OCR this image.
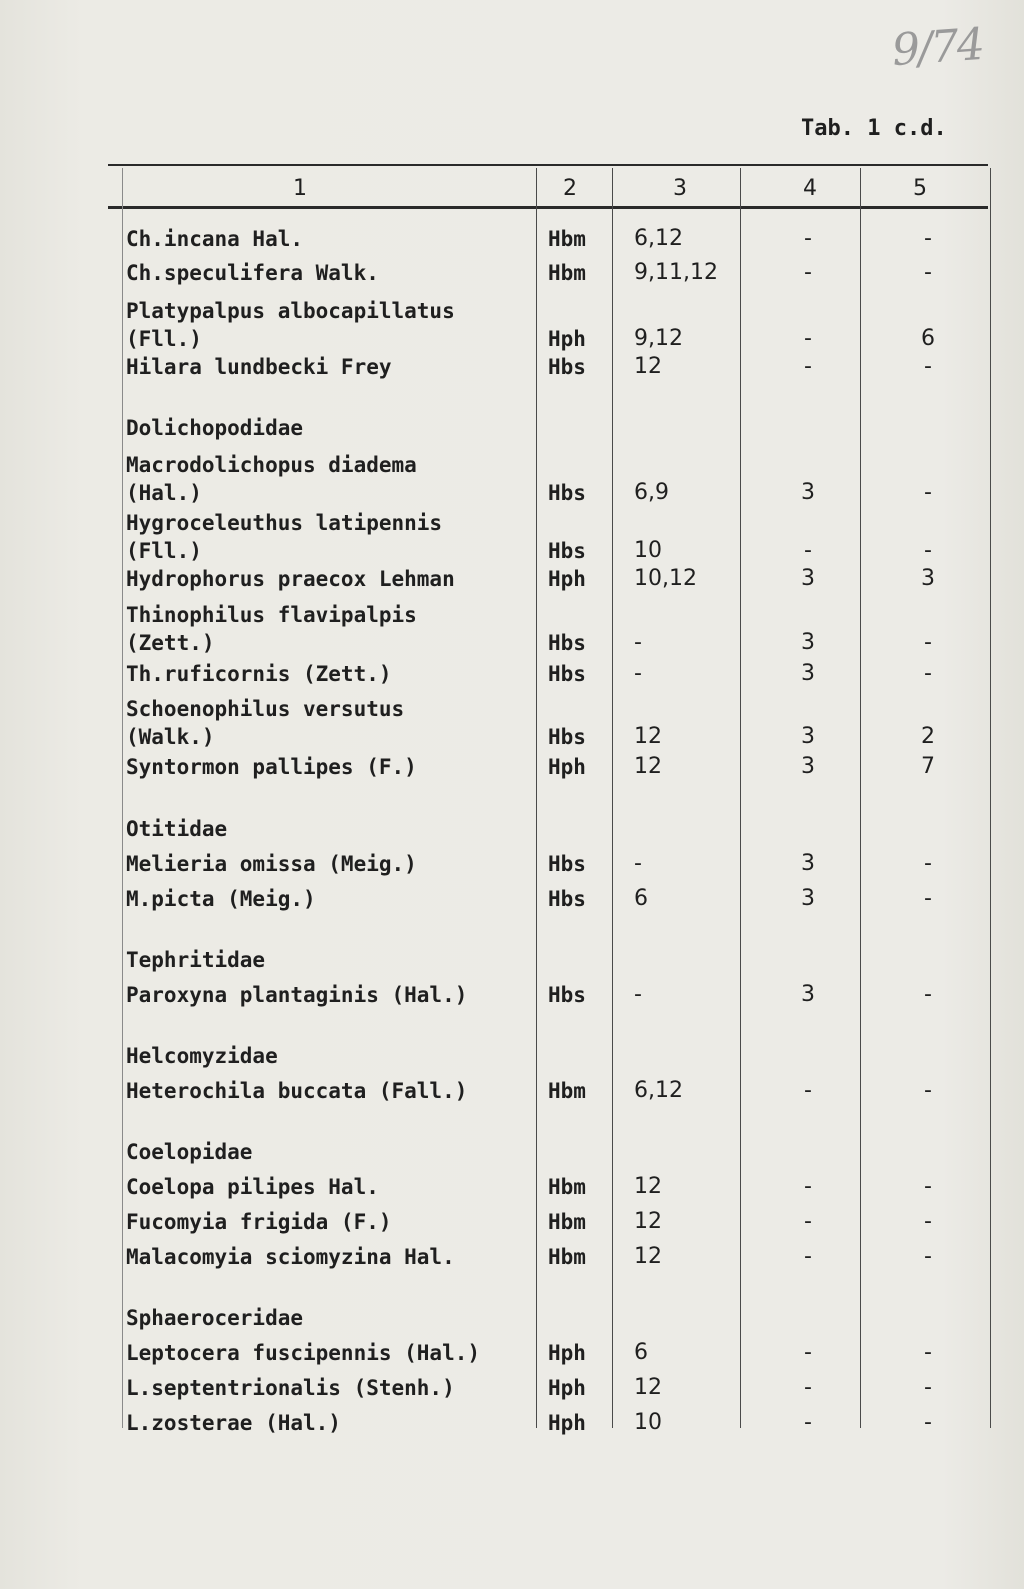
9/74
Tab. 1 c.d.
1	2	3	4	5
Ch.incana Hal.	Hbm 6,12	-	-
Ch.speculifera Walk.	Hbm 9,11,12	-	-
Platypalpus albocapillatus
(Fll.)	Hph 9,12	-	6
Hilara lundbecki Frey	Hbs 12	-	-
Dolichopodidae
Macrodolichopus diadema
(Hal.)	Hbs 6,9	3	-
Hygroceleuthus latipennis
(Fll.)	Hbs 10	-	-
Hydrophorus praecox Lehman	Hph 10,12	3	3
Thinophilus flavipalpis
(Zett.)	Hbs -	3	-
Th.ruficornis (Zett.)	Hbs -	3	-
Schoenophilus versutus
(Walk.)	Hbs 12	3	2
Syntormon pallipes (F.)	Hph 12	3	7
Otitidae
Melieria omissa (Meig.)	Hbs -	3	-
M.picta (Meig.)	Hbs 6	3	-
Tephritidae
Paroxyna plantaginis (Hal.)	Hbs -	3	-
Helcomyzidae
Heterochila buccata (Fall.)	Hbm 6,12	-	-
Coelopidae
Coelopa pilipes Hal.	Hbm 12	-	-
Fucomyia frigida (F.)	Hbm 12	-	-
Malacomyia sciomyzina Hal.	Hbm 12	-	-
Sphaeroceridae
Leptocera fuscipennis (Hal.)	Hph 6	-	-
L.septentrionalis (Stenh.)	Hph 12	-	-
L.zosterae (Hal.)	Hph 10	-	-
